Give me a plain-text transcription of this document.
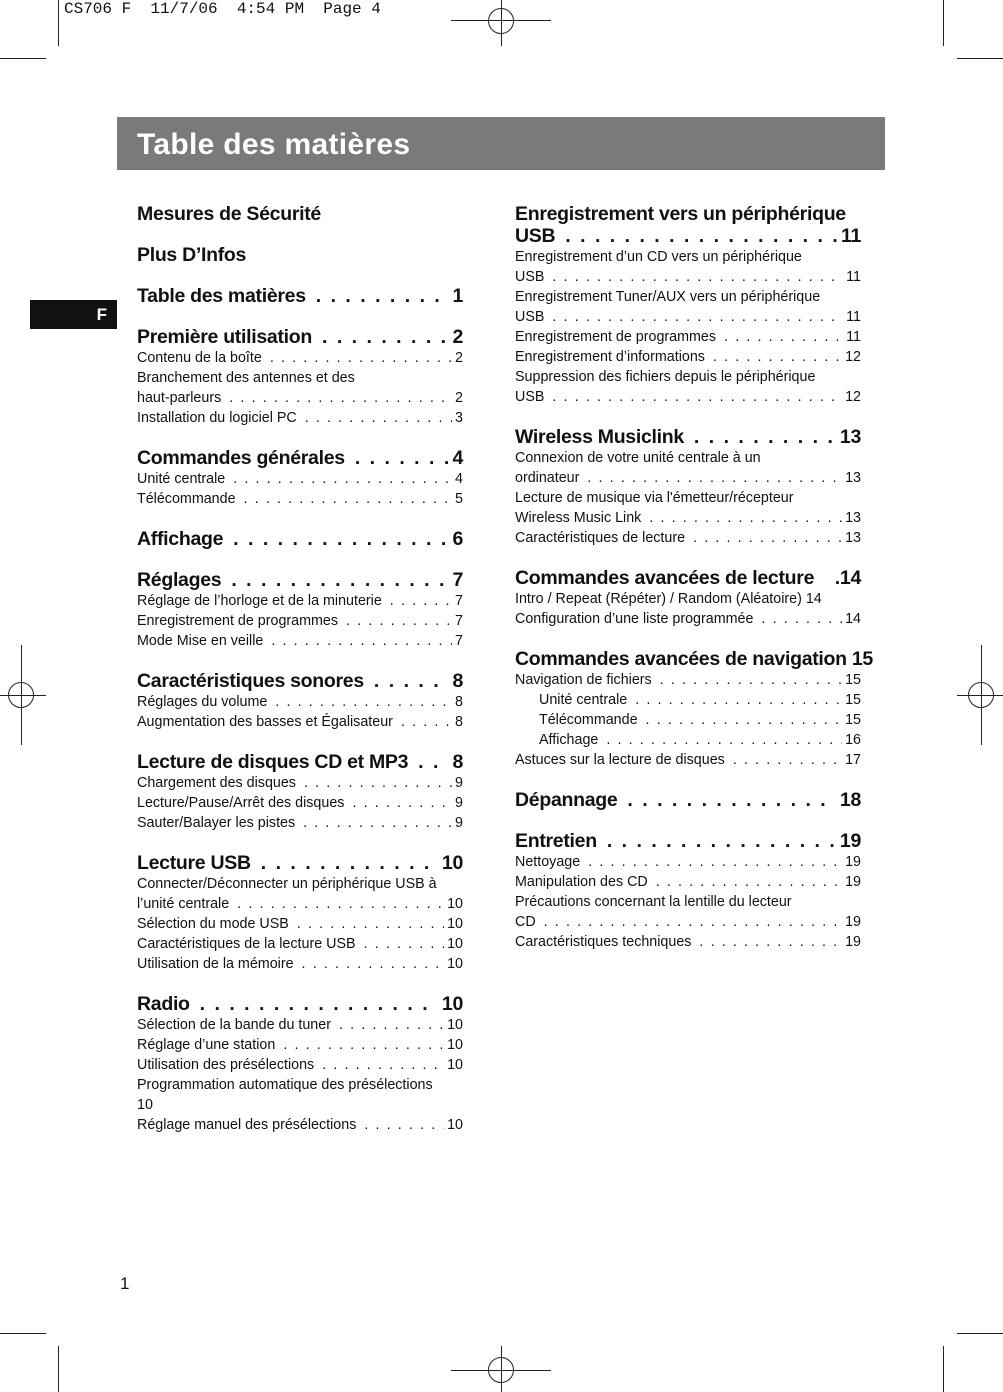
CS706 F  11/7/06  4:54 PM  Page 4
Table des matières
F
Mesures de Sécurité
Plus D’Infos
Table des matières . . .	1
Première utilisation . . .	2
Contenu de la boîte . . .	2
Branchement des antennes et des
haut-parleurs . . .	2
Installation du logiciel PC . . .	3
Commandes générales . . .	4
Unité centrale . . .	4
Télécommande . . .	5
Affichage . . .	6
Réglages . . .	7
Réglage de l’horloge et de la minuterie . . .	7
Enregistrement de programmes . . .	7
Mode Mise en veille . . .	7
Caractéristiques sonores . . .	8
Réglages du volume . . .	8
Augmentation des basses et Égalisateur . . .	8
Lecture de disques CD et MP3 . . . 8
Chargement des disques . . .	9
Lecture/Pause/Arrêt des disques . . .	9
Sauter/Balayer les pistes . . .	9
Lecture USB . . .	10
Connecter/Déconnecter un périphérique USB à
l’unité centrale . . .	10
Sélection du mode USB . . .	10
Caractéristiques de la lecture USB . . .	10
Utilisation de la mémoire . . .	10
Radio . . .	10
Sélection de la bande du tuner . . .	10
Réglage d’une station . . .	10
Utilisation des présélections . . .	10
Programmation automatique des présélections
10
Réglage manuel des présélections . . .	10
Enregistrement vers un périphérique
USB . . .	11
Enregistrement d’un CD vers un périphérique
USB . . .	11
Enregistrement Tuner/AUX vers un périphérique
USB . . .	11
Enregistrement de programmes . . .	11
Enregistrement d’informations . . .	12
Suppression des fichiers depuis le périphérique
USB . . .	12
Wireless Musiclink . . .	13
Connexion de votre unité centrale à un
ordinateur . . .	13
Lecture de musique via l'émetteur/récepteur
Wireless Music Link . . .	13
Caractéristiques de lecture . . .	13
Commandes avancées de lecture .14
Intro / Repeat (Répéter) / Random (Aléatoire) 14
Configuration d’une liste programmée . . .	14
Commandes avancées de navigation 15
Navigation de fichiers . . .	15
Unité centrale . . .	15
Télécommande . . .	15
Affichage . . .	16
Astuces sur la lecture de disques . . .	17
Dépannage . . .	18
Entretien . . .	19
Nettoyage . . .	19
Manipulation des CD . . .	19
Précautions concernant la lentille du lecteur
CD . . .	19
Caractéristiques techniques . . .	19
1
